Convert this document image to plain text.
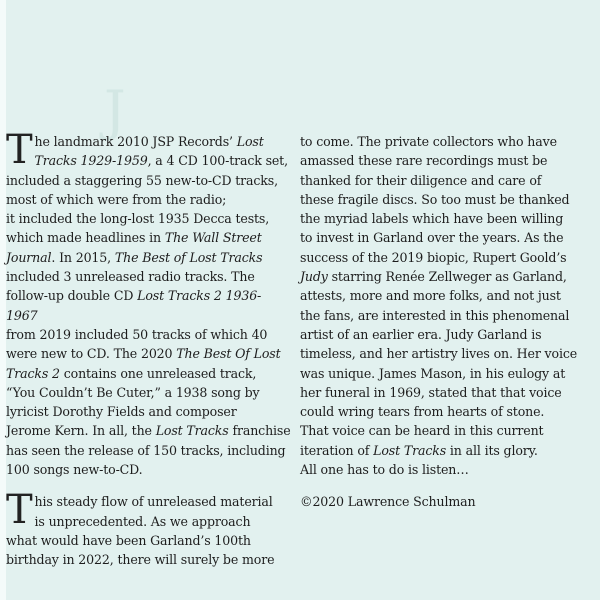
J

T he landmark 2010 JSP Records’ Lost
Tracks 1929-1959, a 4 CD 100-track set,
included a staggering 55 new-to-CD tracks,
most of which were from the radio;
it included the long-lost 1935 Decca tests,
which made headlines in The Wall Street
Journal. In 2015, The Best of Lost Tracks
included 3 unreleased radio tracks. The
follow-up double CD Lost Tracks 2 1936-1967
from 2019 included 50 tracks of which 40
were new to CD. The 2020 The Best Of Lost
Tracks 2 contains one unreleased track,
“You Couldn’t Be Cuter,” a 1938 song by
lyricist Dorothy Fields and composer
Jerome Kern. In all, the Lost Tracks franchise
has seen the release of 150 tracks, including
100 songs new-to-CD.

T his steady flow of unreleased material

is unprecedented. As we approach
what would have been Garland’s 100th
birthday in 2022, there will surely be more

to come. The private collectors who have
amassed these rare recordings must be
thanked for their diligence and care of
these fragile discs. So too must be thanked
the myriad labels which have been willing
to invest in Garland over the years. As the
success of the 2019 biopic, Rupert Goold’s
Judy starring Renée Zellweger as Garland,
attests, more and more folks, and not just
the fans, are interested in this phenomenal
artist of an earlier era. Judy Garland is
timeless, and her artistry lives on. Her voice
was unique. James Mason, in his eulogy at
her funeral in 1969, stated that that voice
could wring tears from hearts of stone.
That voice can be heard in this current
iteration of Lost Tracks in all its glory.
All one has to do is listen…

©2020 Lawrence Schulman
